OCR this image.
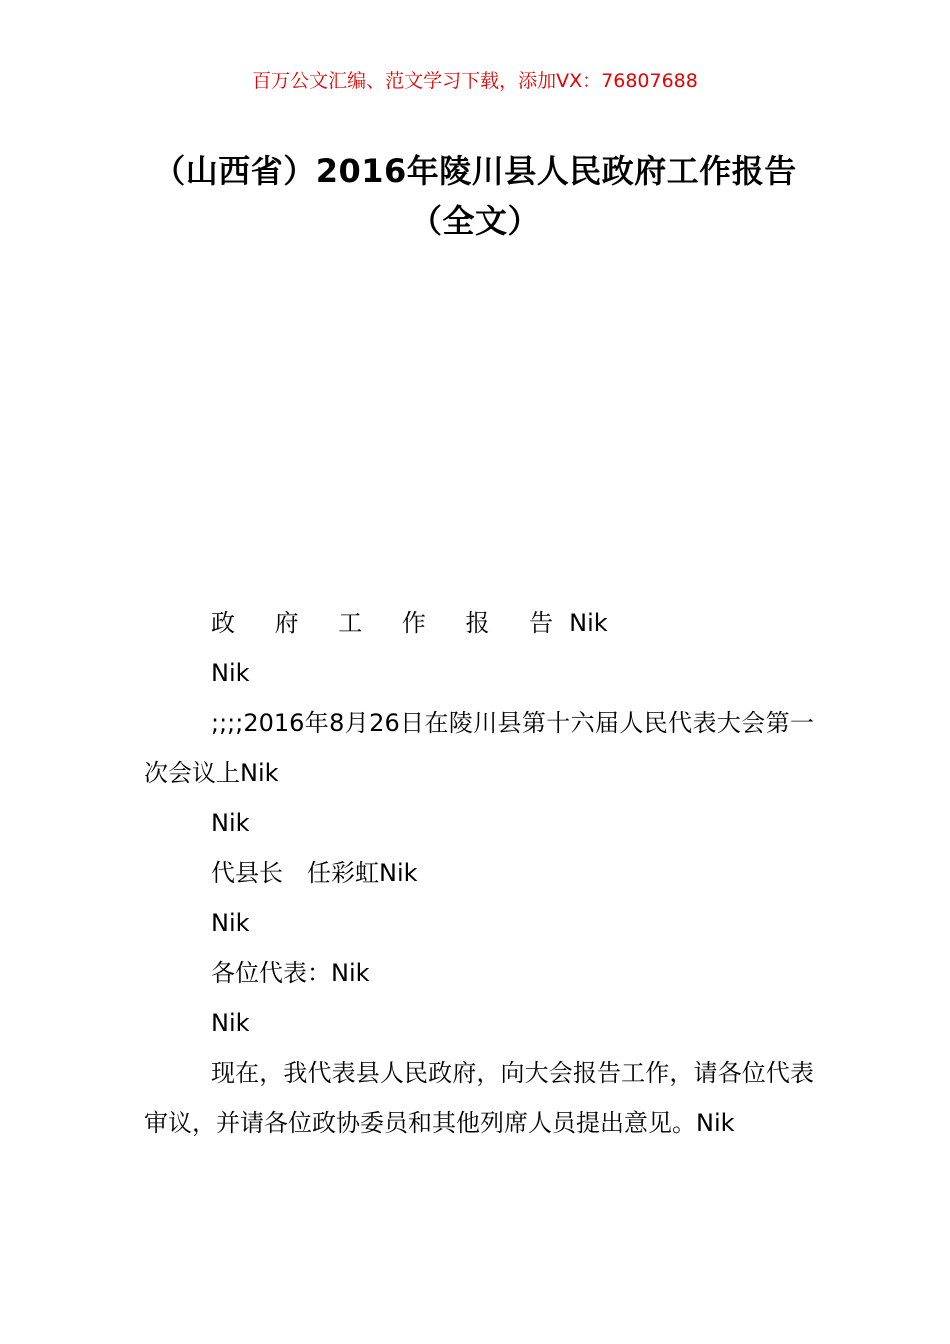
百万公文汇编、范文学习下载，添加VX：76807688
（山西省）2016年陵川县人民政府工作报告（全文）

政 府 工 作 报 告Nik

Nik

;;;;2016年8月26日在陵川县第十六届人民代表大会第一次会议上Nik

Nik

代县长　任彩虹Nik

Nik

各位代表：Nik

Nik

现在，我代表县人民政府，向大会报告工作，请各位代表审议，并请各位政协委员和其他列席人员提出意见。Nik
